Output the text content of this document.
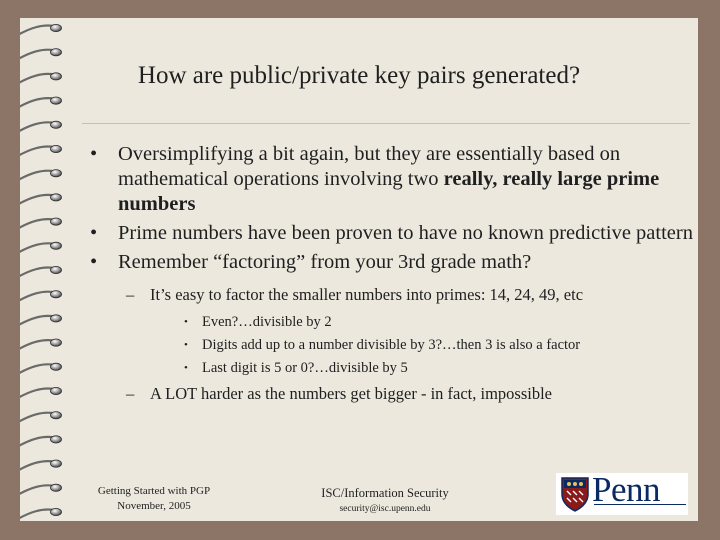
How are public/private key pairs generated?
• Oversimplifying a bit again, but they are essentially based on mathematical operations involving two really, really large prime numbers
• Prime numbers have been proven to have no known predictive pattern
• Remember “factoring” from your 3rd grade math?
– It’s easy to factor the smaller numbers into primes: 14, 24, 49, etc
• Even?…divisible by 2
• Digits add up to a number divisible by 3?…then 3 is also a factor
• Last digit is 5 or 0?…divisible by 5
– A LOT harder as the numbers get bigger - in fact, impossible
Getting Started with PGP
November, 2005
ISC/Information Security
security@isc.upenn.edu	Penn
